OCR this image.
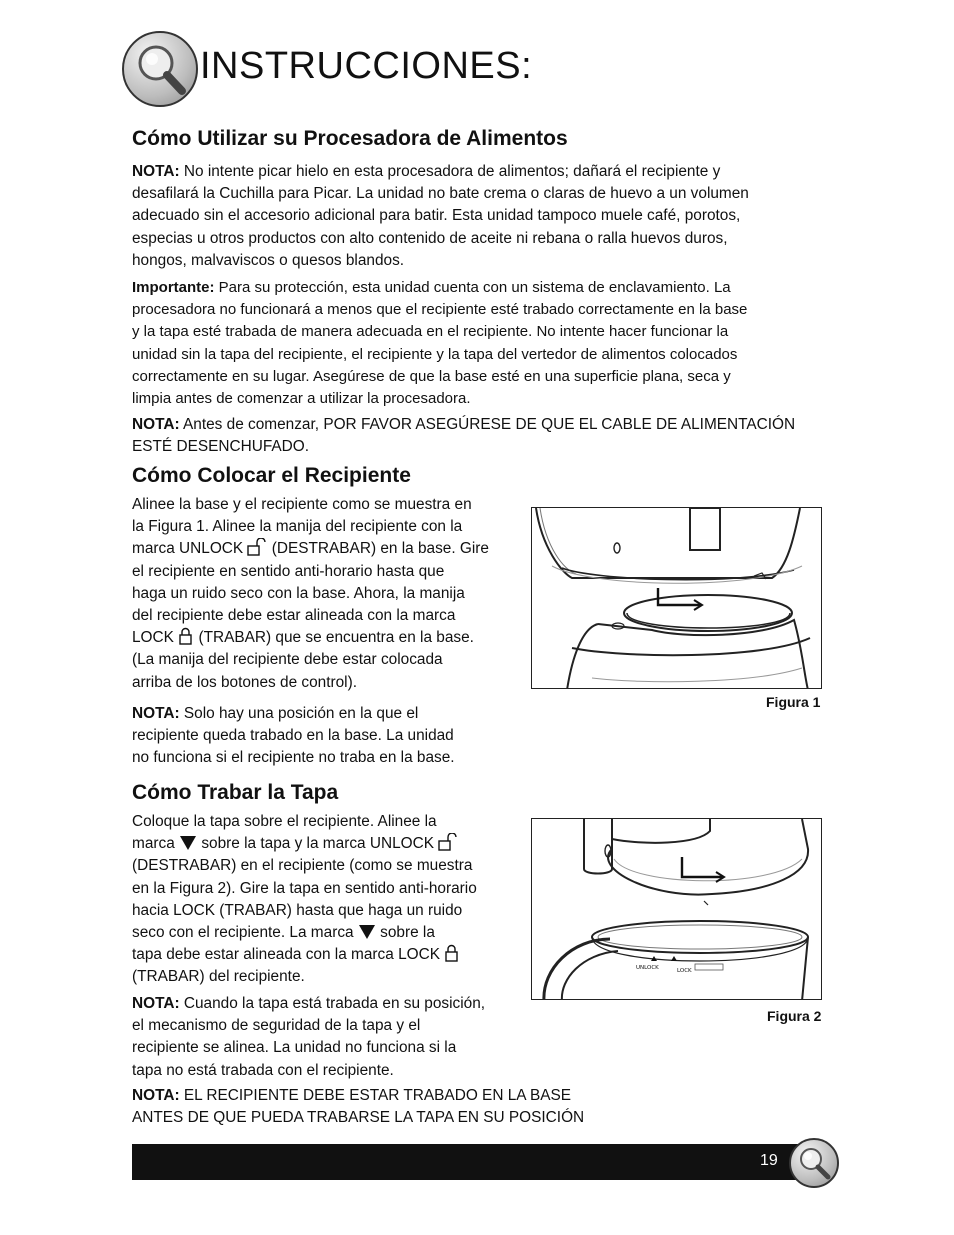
INSTRUCCIONES:
Cómo Utilizar su Procesadora de Alimentos
NOTA: No intente picar hielo en esta procesadora de alimentos; dañará el recipiente y
desafilará la Cuchilla para Picar. La unidad no bate crema o claras de huevo a un volumen
adecuado sin el accesorio adicional para batir. Esta unidad tampoco muele café, porotos,
especias u otros productos con alto contenido de aceite ni rebana o ralla huevos duros,
hongos, malvaviscos o quesos blandos.
Importante: Para su protección, esta unidad cuenta con un sistema de enclavamiento. La
procesadora no funcionará a menos que el recipiente esté trabado correctamente en la base
y la tapa esté trabada de manera adecuada en el recipiente. No intente hacer funcionar la
unidad sin la tapa del recipiente, el recipiente y la tapa del vertedor de alimentos colocados
correctamente en su lugar. Asegúrese de que la base esté en una superficie plana, seca y
limpia antes de comenzar a utilizar la procesadora.
NOTA: Antes de comenzar, POR FAVOR ASEGÚRESE DE QUE EL CABLE DE ALIMENTACIÓN
ESTÉ DESENCHUFADO.
Cómo Colocar el Recipiente
Alinee la base y el recipiente como se muestra en
la Figura 1. Alinee la manija del recipiente con la
marca UNLOCK  (DESTRABAR) en la base. Gire
el recipiente en sentido anti-horario hasta que
haga un ruido seco con la base. Ahora, la manija
del recipiente debe estar alineada con la marca
LOCK  (TRABAR) que se encuentra en la base.
(La manija del recipiente debe estar colocada
arriba de los botones de control).
NOTA: Solo hay una posición en la que el
recipiente queda trabado en la base. La unidad
no funciona si el recipiente no traba en la base.
Figura 1
Cómo Trabar la Tapa
Coloque la tapa sobre el recipiente. Alinee la
marca  sobre la tapa y la marca UNLOCK
(DESTRABAR) en el recipiente (como se muestra
en la Figura 2). Gire la tapa en sentido anti-horario
hacia LOCK (TRABAR) hasta que haga un ruido
seco con el recipiente. La marca  sobre la
tapa debe estar alineada con la marca LOCK
(TRABAR) del recipiente.
NOTA: Cuando la tapa está trabada en su posición,
el mecanismo de seguridad de la tapa y el
recipiente se alinea. La unidad no funciona si la
tapa no está trabada con el recipiente.
NOTA: EL RECIPIENTE DEBE ESTAR TRABADO EN LA BASE
ANTES DE QUE PUEDA TRABARSE LA TAPA EN SU POSICIÓN
UNLOCK	LOCK
Figura 2
19
